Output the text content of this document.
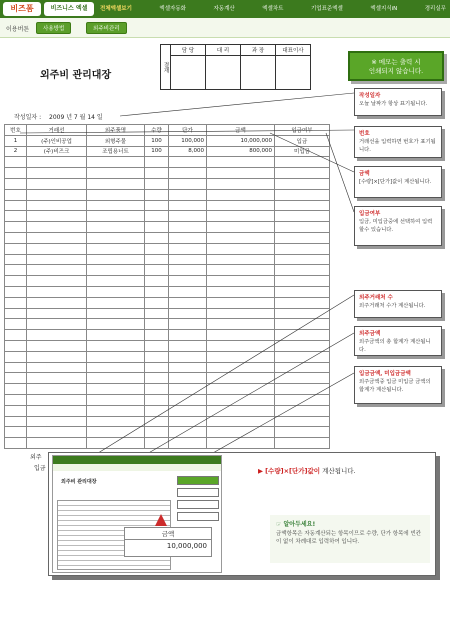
비즈폼	비즈니스 엑셀	전체엑셀보기	엑셀자동화	자동계산	엑셀차트	기업표준엑셀	엑셀지식iN	경리실무
이용버튼	사용방법	외주비관리
결재	담 당	대 리	과 장	대표이사

외주비 관리대장
작성일자 : 2009 년 7 월 14 일
번호	거래선	외주품명	수량	단가	금액	입금여부
1	(주)인비공업	외형주물	100	100,000	10,000,000	입금
2	(주)비즈크	조립용너트	100	8,000	800,000	미입금

외주
입금
※ 메모는 출력 시
인쇄되지 않습니다.
작성일자
오늘 날짜가 항상 표기됩니다.
번호
거래선을 입력하면 번호가 표기됩니다.
금액
[수량]×[단가]값이 계산됩니다.
입금여부
입금, 미입금중에 선택하여 입력할수 있습니다.
외주거래처 수
외주거래처 수가 계산됩니다.
외주금액
외주금액의 총 합계가 계산됩니다.
입금금액, 미입금금액
외주금액중 입금 미입금 금액의 합계가 계산됩니다.
외주비 관리대장
금액
10,000,000
▶ [수량]×[단가]값이 계산됩니다.
☞ 알아두세요!
금액항목은 자동계산되는 항목이므로 수량, 단가 항목에 빈칸이 없이 차례대로 입력하여 입니다.
